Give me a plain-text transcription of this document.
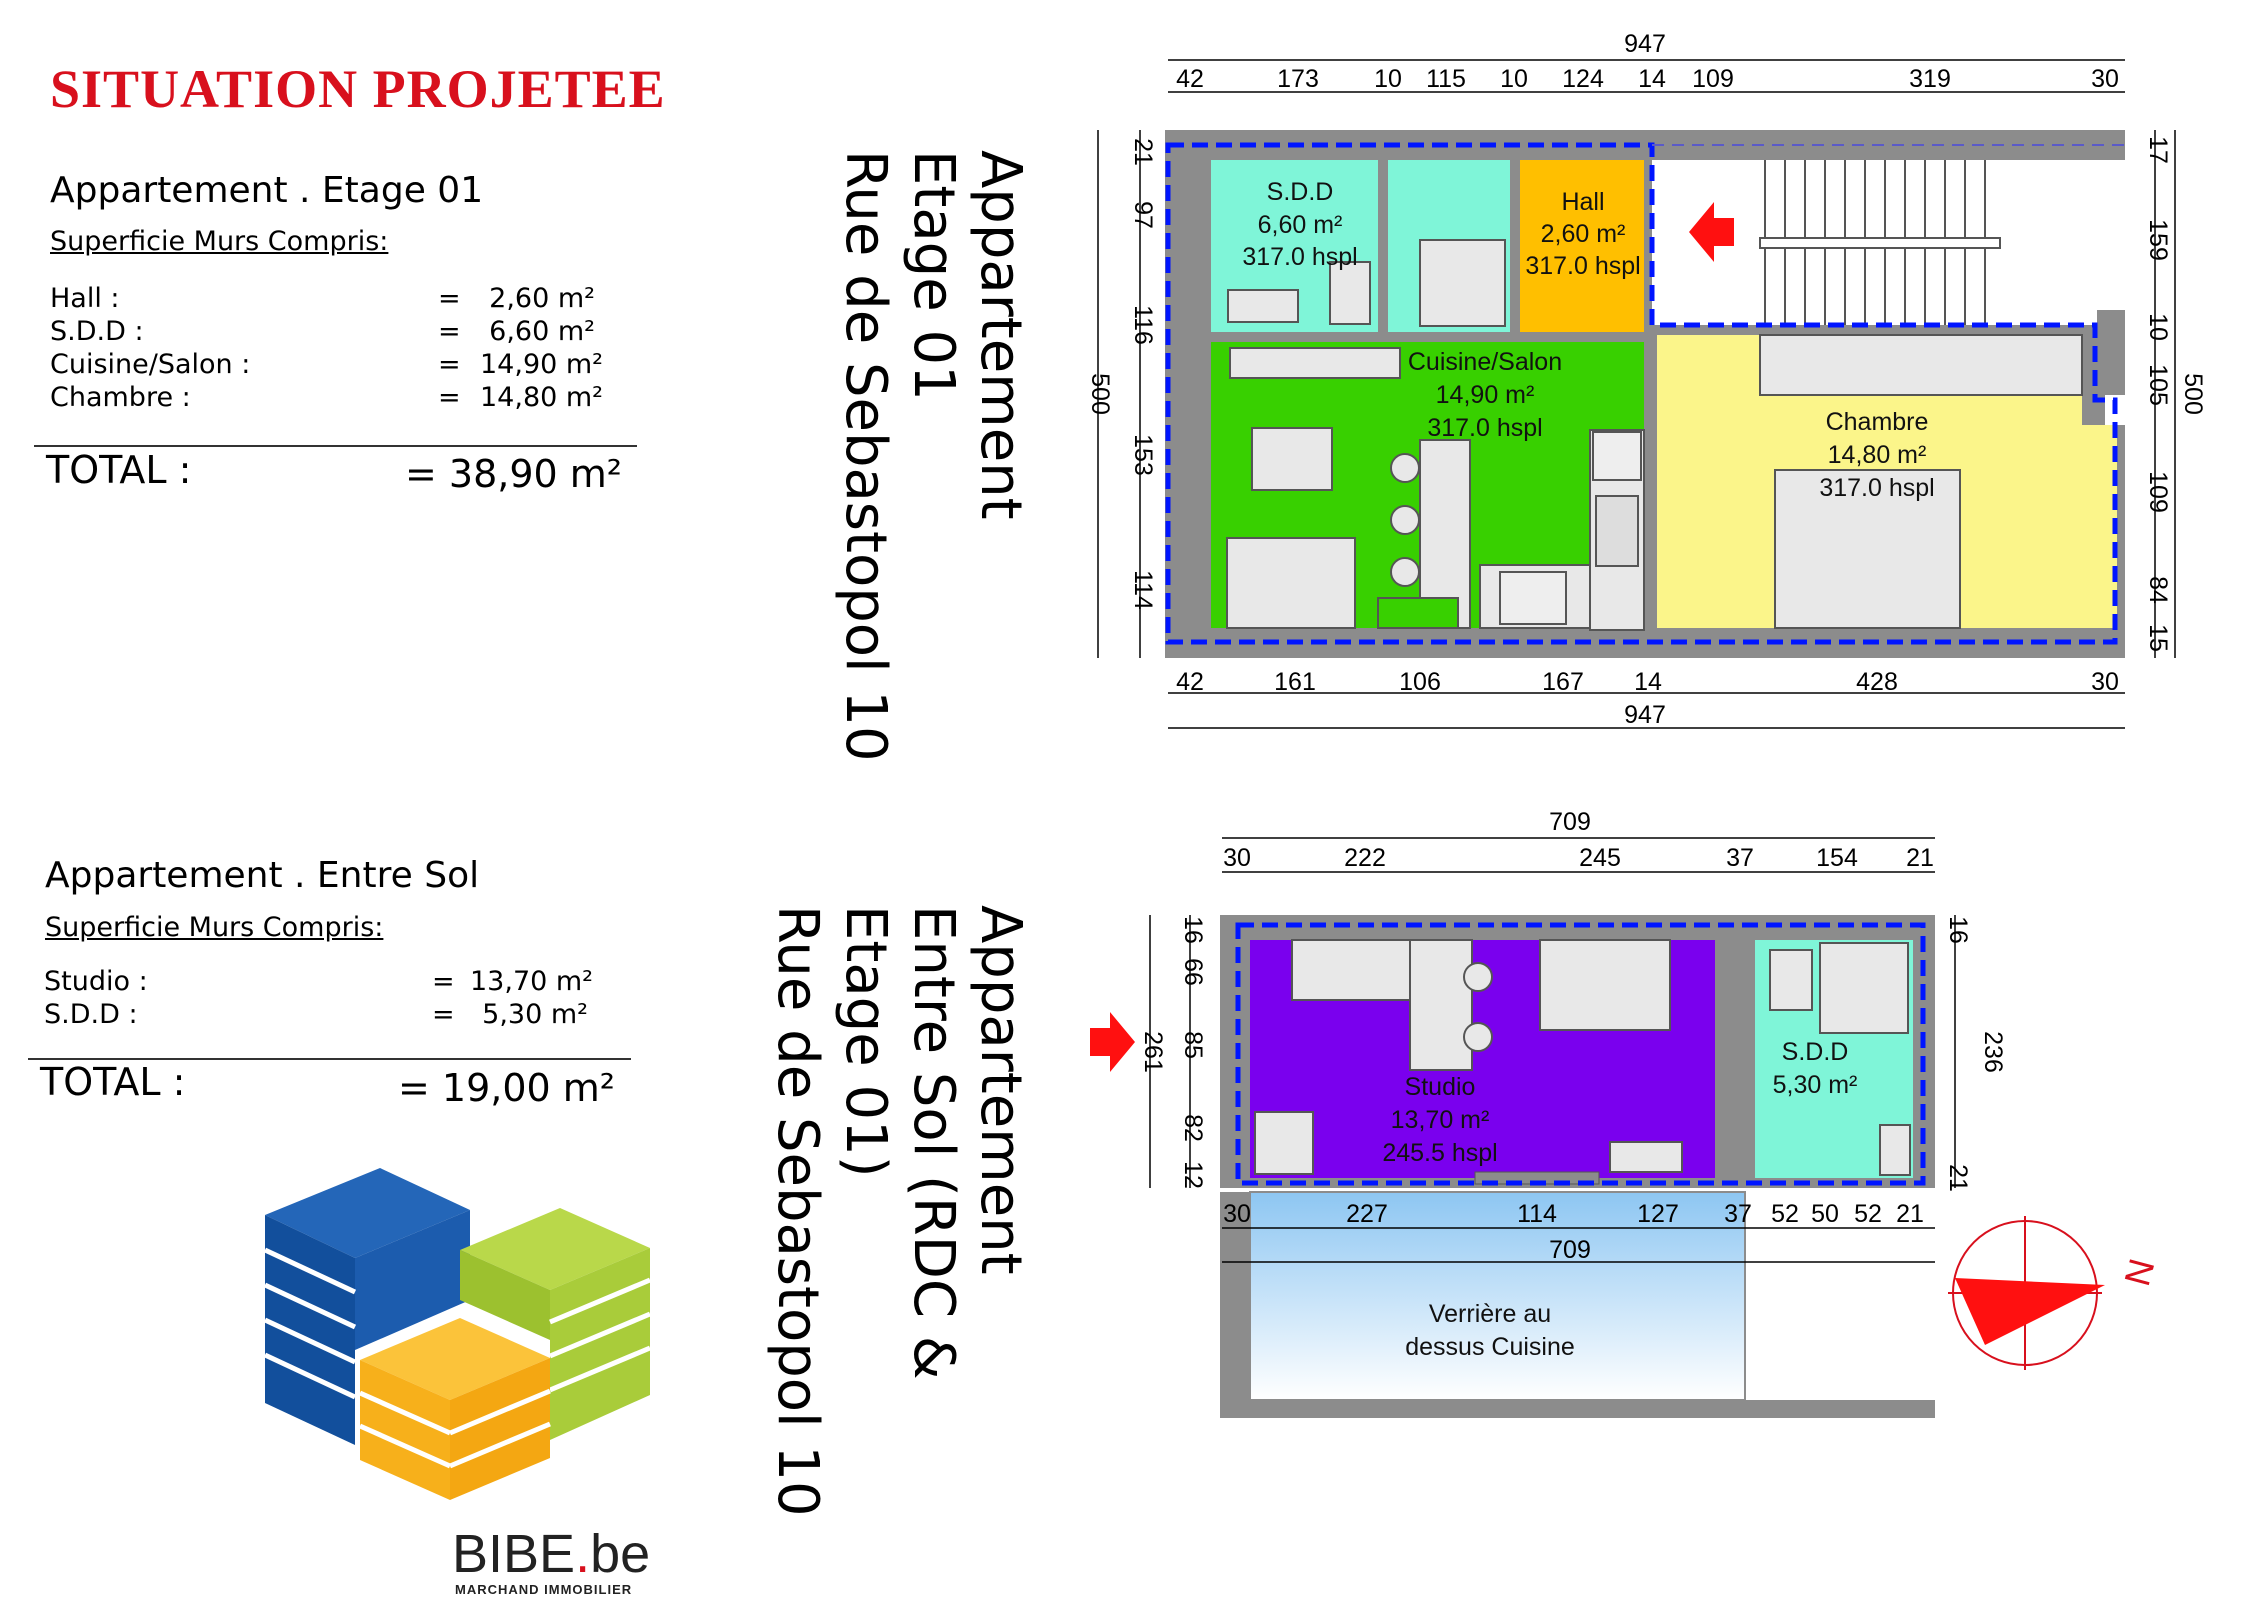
SITUATION PROJETEE
Appartement . Etage 01
Superficie Murs Compris:
Hall :	=	2,60 m²
S.D.D :	=	6,60 m²
Cuisine/Salon :	= 14,90 m²
Chambre :	= 14,80 m²
TOTAL :	= 38,90 m²
Appartement . Entre Sol
Superficie Murs Compris:
Studio :	= 13,70 m²
S.D.D :	=	5,30 m²
TOTAL :	= 19,00 m²
Appartement
Etage 01
Rue de Sebastopol 10
Appartement
Entre Sol (RDC &
Etage 01)
Rue de Sebastopol 10
S.D.D
6,60 m²
317.0 hspl
Hall
2,60 m²
317.0 hspl
Cuisine/Salon
14,90 m²
317.0 hspl	Chambre
14,80 m²
317.0 hspl
947
42	173 10 115 10 124 14 109	319	30
42	161	106	167 14	428	30
947
21
97
116
153
114
500
17
159
10
105
109
84
15
500
Studio
13,70 m²
245.5 hspl
S.D.D
5,30 m²
Verrière au
dessus Cuisine
709
30	222	245	37 154 21
30	227	114	127 37 52 50 52 21
709
16
66
85
82
12
261
16
21
236
N
BIBE.be
MARCHAND IMMOBILIER
